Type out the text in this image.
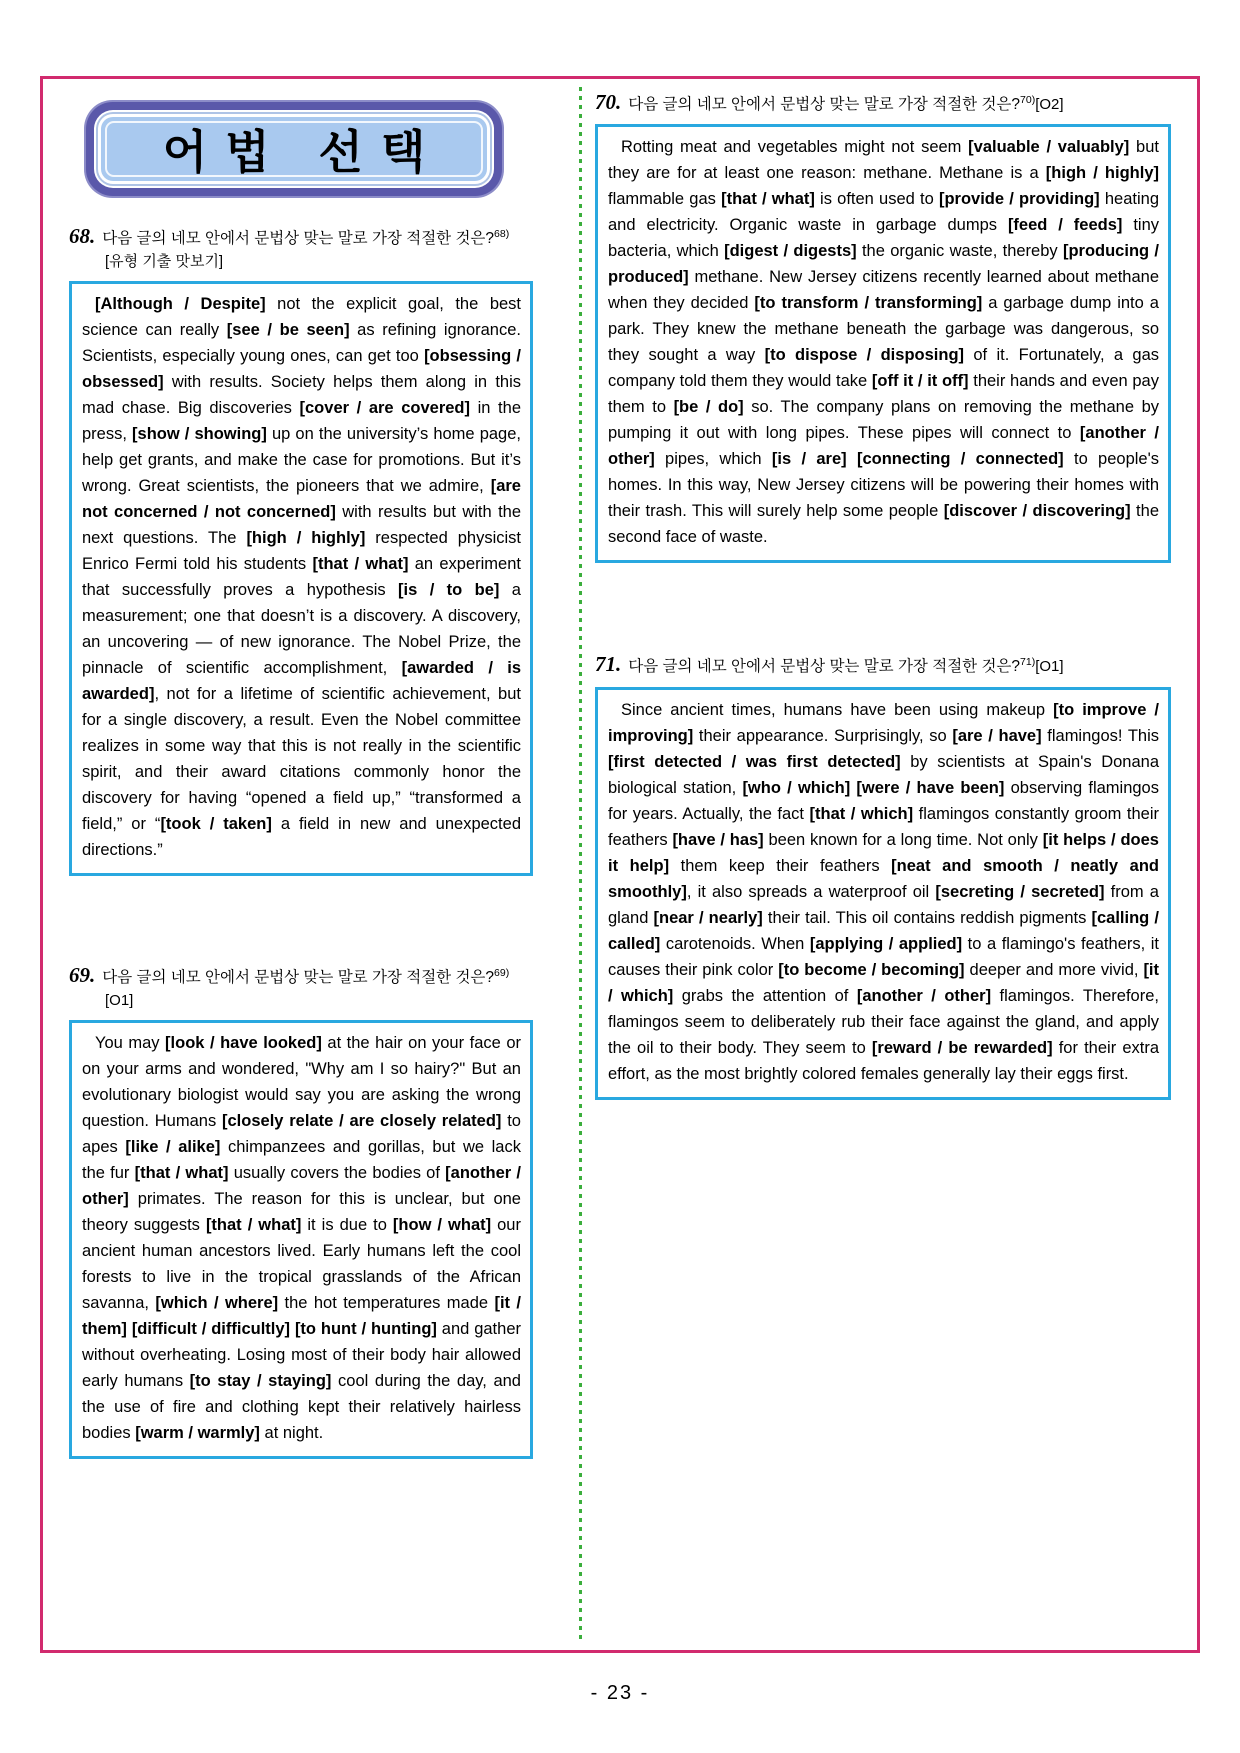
어법 선택
68. 다음 글의 네모 안에서 문법상 맞는 말로 가장 적절한 것은?$^{68)}$[유형 기출 맛보기]

[Although / Despite] not the explicit goal, the best science can really [see / be seen] as refining ignorance. Scientists, especially young ones, can get too [obsessing / obsessed] with results. Society helps them along in this mad chase. Big discoveries [cover / are covered] in the press, [show / showing] up on the university’s home page, help get grants, and make the case for promotions. But it’s wrong. Great scientists, the pioneers that we admire, [are not concerned / not concerned] with results but with the next questions. The [high / highly] respected physicist Enrico Fermi told his students [that / what] an experiment that successfully proves a hypothesis [is / to be] a measurement; one that doesn’t is a discovery. A discovery, an uncovering — of new ignorance. The Nobel Prize, the pinnacle of scientific accomplishment, [awarded / is awarded], not for a lifetime of scientific achievement, but for a single discovery, a result. Even the Nobel committee realizes in some way that this is not really in the scientific spirit, and their award citations commonly honor the discovery for having “opened a field up,” “transformed a field,” or “[took / taken] a field in new and unexpected directions.”

69. 다음 글의 네모 안에서 문법상 맞는 말로 가장 적절한 것은?$^{69)}$[O1]

You may [look / have looked] at the hair on your face or on your arms and wondered, "Why am I so hairy?" But an evolutionary biologist would say you are asking the wrong question. Humans [closely relate / are closely related] to apes [like / alike] chimpanzees and gorillas, but we lack the fur [that / what] usually covers the bodies of [another / other] primates. The reason for this is unclear, but one theory suggests [that / what] it is due to [how / what] our ancient human ancestors lived. Early humans left the cool forests to live in the tropical grasslands of the African savanna, [which / where] the hot temperatures made [it / them] [difficult / difficultly] [to hunt / hunting] and gather without overheating. Losing most of their body hair allowed early humans [to stay / staying] cool during the day, and the use of fire and clothing kept their relatively hairless bodies [warm / warmly] at night.

70. 다음 글의 네모 안에서 문법상 맞는 말로 가장 적절한 것은?$^{70)}$[O2]

Rotting meat and vegetables might not seem [valuable / valuably] but they are for at least one reason: methane. Methane is a [high / highly] flammable gas [that / what] is often used to [provide / providing] heating and electricity. Organic waste in garbage dumps [feed / feeds] tiny bacteria, which [digest / digests] the organic waste, thereby [producing / produced] methane. New Jersey citizens recently learned about methane when they decided [to transform / transforming] a garbage dump into a park. They knew the methane beneath the garbage was dangerous, so they sought a way [to dispose / disposing] of it. Fortunately, a gas company told them they would take [off it / it off] their hands and even pay them to [be / do] so. The company plans on removing the methane by pumping it out with long pipes. These pipes will connect to [another / other] pipes, which [is / are] [connecting / connected] to people's homes. In this way, New Jersey citizens will be powering their homes with their trash. This will surely help some people [discover / discovering] the second face of waste.

71. 다음 글의 네모 안에서 문법상 맞는 말로 가장 적절한 것은?$^{71)}$[O1]

Since ancient times, humans have been using makeup [to improve / improving] their appearance. Surprisingly, so [are / have] flamingos! This [first detected / was first detected] by scientists at Spain's Donana biological station, [who / which] [were / have been] observing flamingos for years. Actually, the fact [that / which] flamingos constantly groom their feathers [have / has] been known for a long time. Not only [it helps / does it help] them keep their feathers [neat and smooth / neatly and smoothly], it also spreads a waterproof oil [secreting / secreted] from a gland [near / nearly] their tail. This oil contains reddish pigments [calling / called] carotenoids. When [applying / applied] to a flamingo's feathers, it causes their pink color [to become / becoming] deeper and more vivid, [it / which] grabs the attention of [another / other] flamingos. Therefore, flamingos seem to deliberately rub their face against the gland, and apply the oil to their body. They seem to [reward / be rewarded] for their extra effort, as the most brightly colored females generally lay their eggs first.

- 23 -
